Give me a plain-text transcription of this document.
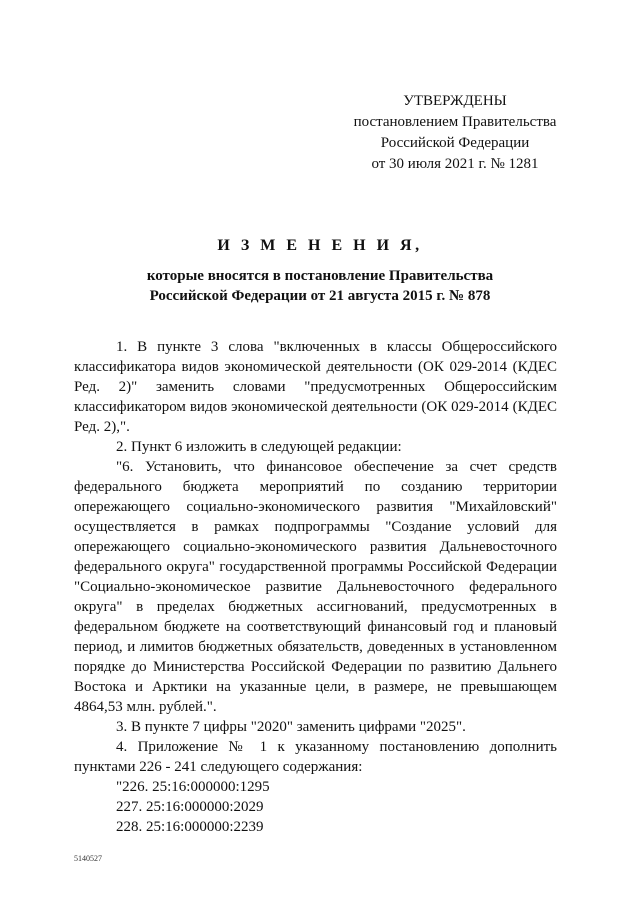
УТВЕРЖДЕНЫ
постановлением Правительства
Российской Федерации
от 30 июля 2021 г. № 1281
И З М Е Н Е Н И Я,
которые вносятся в постановление Правительства
Российской Федерации от 21 августа 2015 г. № 878

1. В пункте 3 слова "включенных в классы Общероссийского классификатора видов экономической деятельности (ОК 029-2014 (КДЕС Ред. 2)" заменить словами "предусмотренных Общероссийским классификатором видов экономической деятельности (ОК 029-2014 (КДЕС Ред. 2),".

2. Пункт 6 изложить в следующей редакции:

"6. Установить, что финансовое обеспечение за счет средств федерального бюджета мероприятий по созданию территории опережающего социально-экономического развития "Михайловский" осуществляется в рамках подпрограммы "Создание условий для опережающего социально-экономического развития Дальневосточного федерального округа" государственной программы Российской Федерации "Социально-экономическое развитие Дальневосточного федерального округа" в пределах бюджетных ассигнований, предусмотренных в федеральном бюджете на соответствующий финансовый год и плановый период, и лимитов бюджетных обязательств, доведенных в установленном порядке до Министерства Российской Федерации по развитию Дальнего Востока и Арктики на указанные цели, в размере, не превышающем 4864,53 млн. рублей.".

3. В пункте 7 цифры "2020" заменить цифрами "2025".

4. Приложение № 1 к указанному постановлению дополнить пунктами 226 - 241 следующего содержания:

"226. 25:16:000000:1295

227. 25:16:000000:2029

228. 25:16:000000:2239

5140527
